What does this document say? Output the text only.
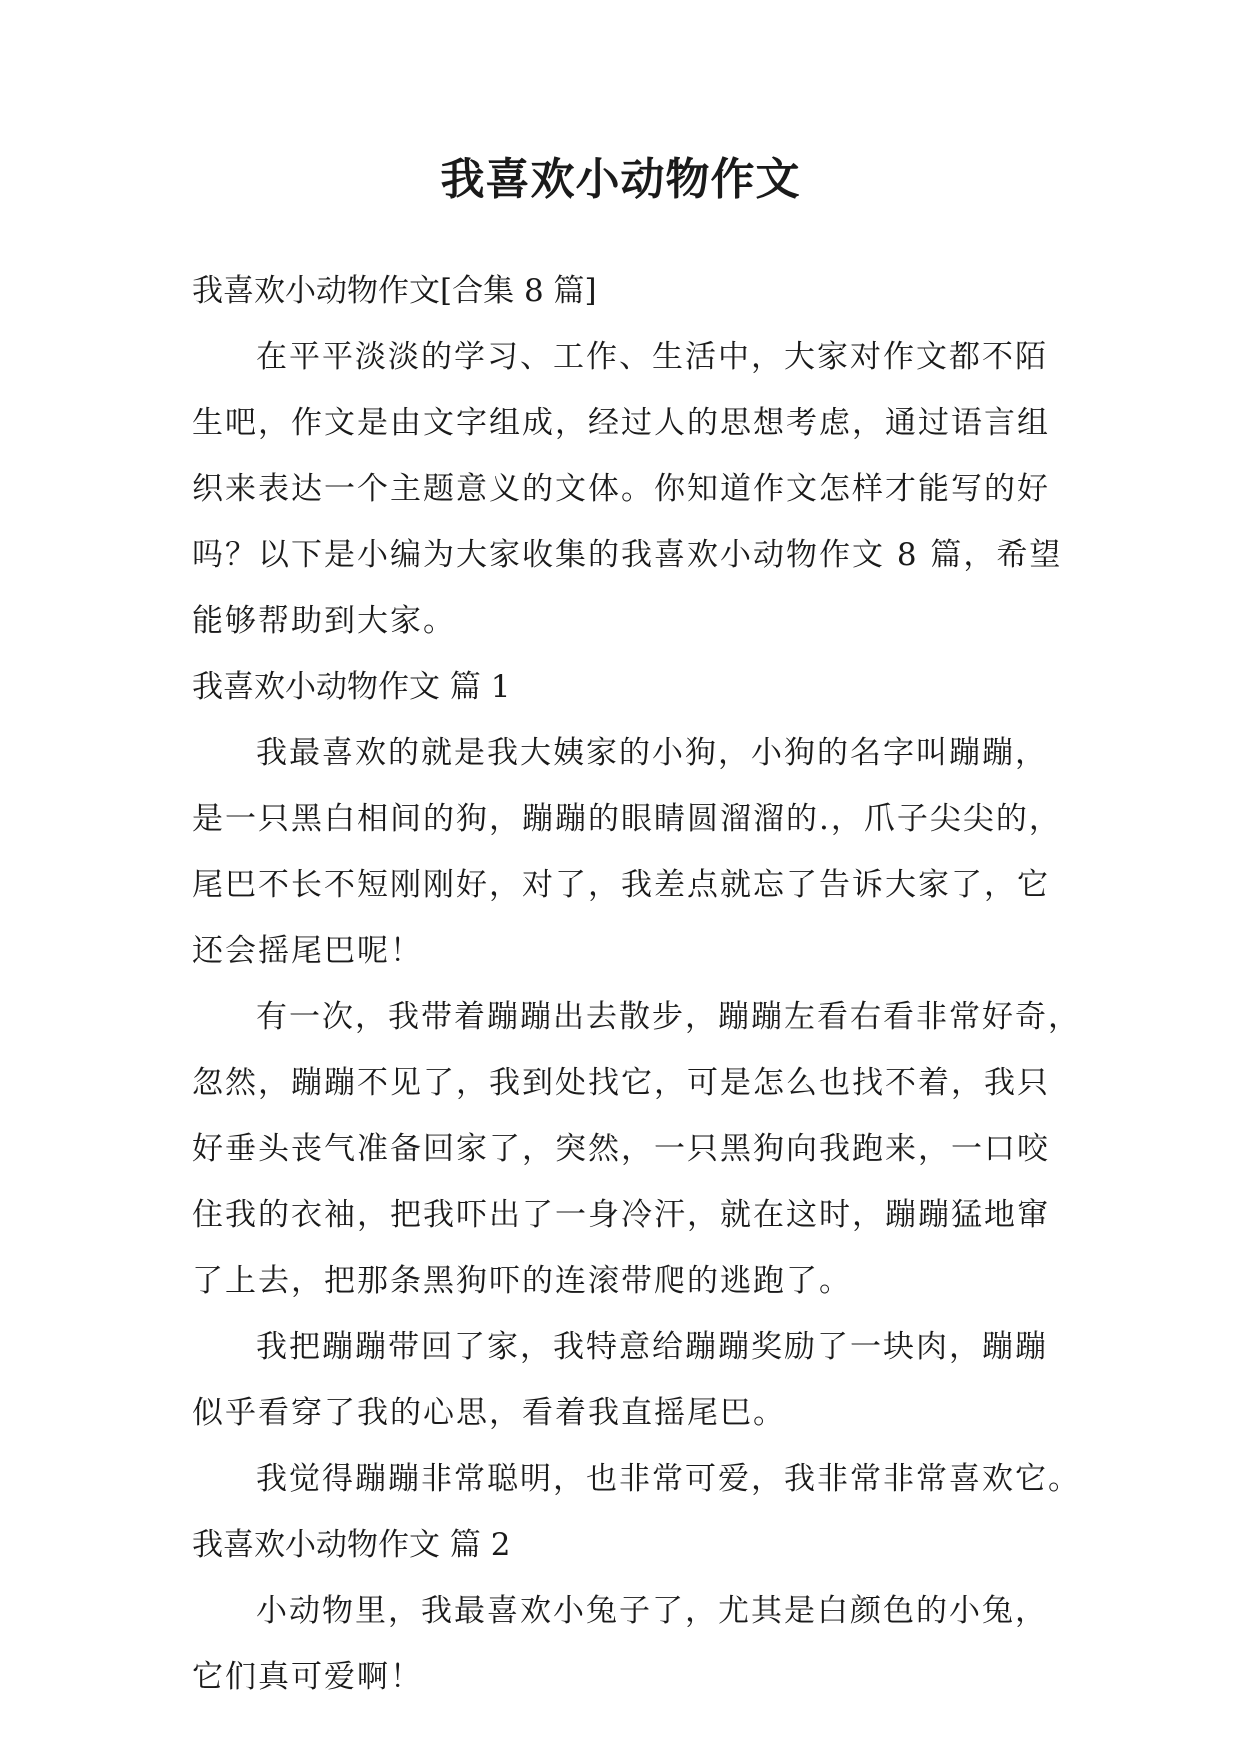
我喜欢小动物作文
我喜欢小动物作文[合集 8 篇]
在平平淡淡的学习、工作、生活中，大家对作文都不陌
生吧，作文是由文字组成，经过人的思想考虑，通过语言组
织来表达一个主题意义的文体。你知道作文怎样才能写的好
吗？以下是小编为大家收集的我喜欢小动物作文 8 篇，希望
能够帮助到大家。
我喜欢小动物作文 篇 1
我最喜欢的就是我大姨家的小狗，小狗的名字叫蹦蹦，
是一只黑白相间的狗，蹦蹦的眼睛圆溜溜的.，爪子尖尖的，
尾巴不长不短刚刚好，对了，我差点就忘了告诉大家了，它
还会摇尾巴呢！
有一次，我带着蹦蹦出去散步，蹦蹦左看右看非常好奇，
忽然，蹦蹦不见了，我到处找它，可是怎么也找不着，我只
好垂头丧气准备回家了，突然，一只黑狗向我跑来，一口咬
住我的衣袖，把我吓出了一身冷汗，就在这时，蹦蹦猛地窜
了上去，把那条黑狗吓的连滚带爬的逃跑了。
我把蹦蹦带回了家，我特意给蹦蹦奖励了一块肉，蹦蹦
似乎看穿了我的心思，看着我直摇尾巴。
我觉得蹦蹦非常聪明，也非常可爱，我非常非常喜欢它。
我喜欢小动物作文 篇 2
小动物里，我最喜欢小兔子了，尤其是白颜色的小兔，
它们真可爱啊！
